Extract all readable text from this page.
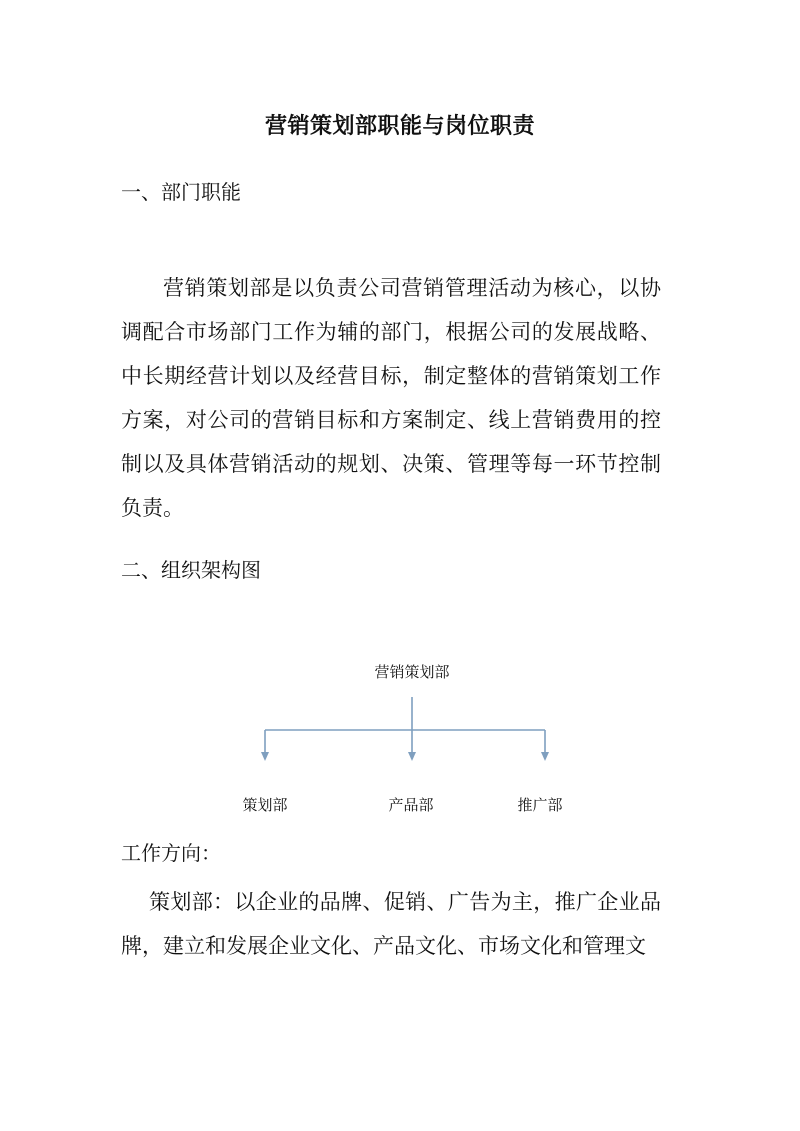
营销策划部职能与岗位职责
一、部门职能
营销策划部是以负责公司营销管理活动为核心，以协调配合市场部门工作为辅的部门，根据公司的发展战略、中长期经营计划以及经营目标，制定整体的营销策划工作方案，对公司的营销目标和方案制定、线上营销费用的控制以及具体营销活动的规划、决策、管理等每一环节控制负责。
二、组织架构图
营销策划部
策划部	产品部	推广部
工作方向：
策划部：以企业的品牌、促销、广告为主，推广企业品牌，建立和发展企业文化、产品文化、市场文化和管理文
